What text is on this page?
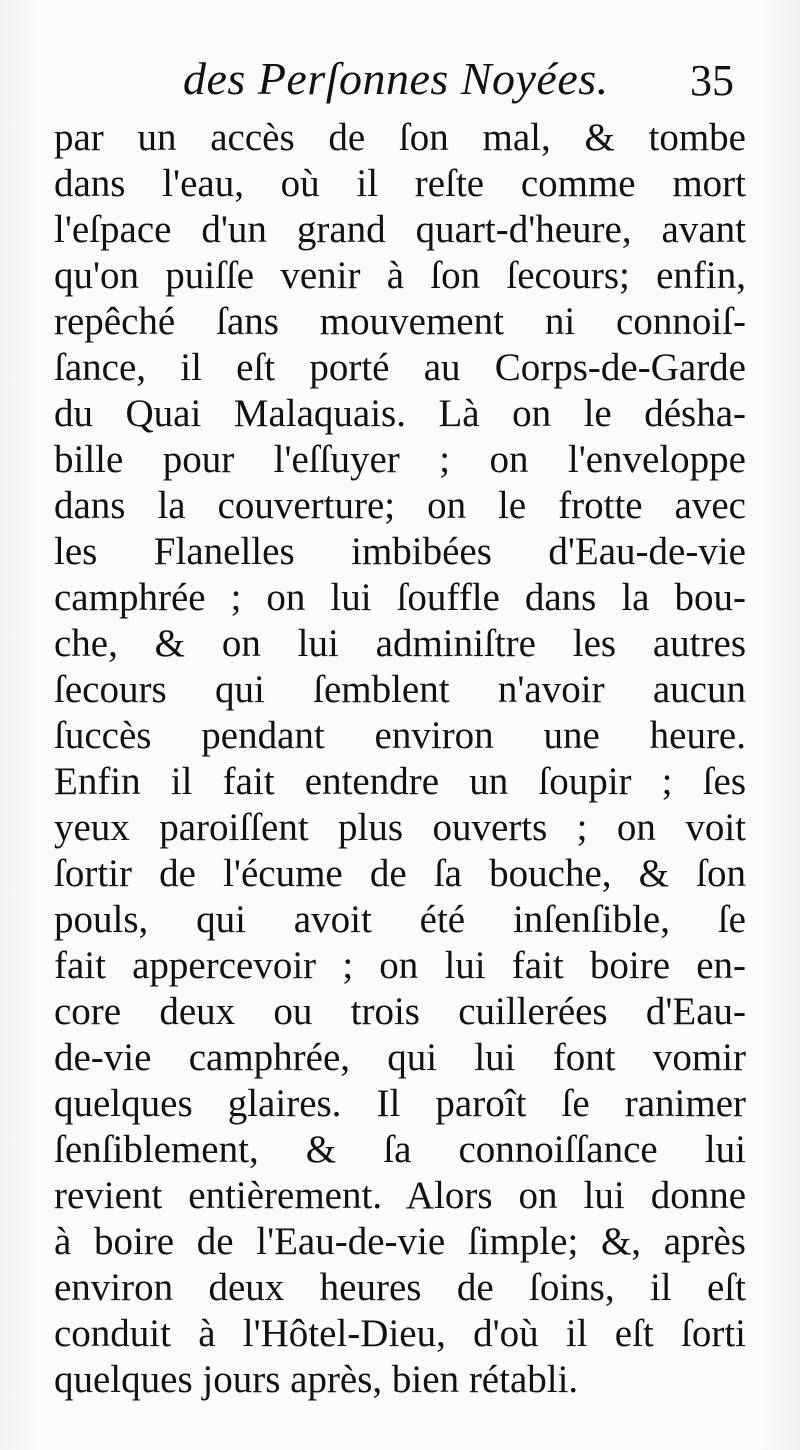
des Perſonnes Noyées. 35
par un accès de ſon mal, & tombe
dans l'eau, où il reſte comme mort
l'eſpace d'un grand quart-d'heure, avant
qu'on puiſſe venir à ſon ſecours; enfin,
repêché ſans mouvement ni connoiſ-
ſance, il eſt porté au Corps-de-Garde
du Quai Malaquais. Là on le désha-
bille pour l'eſſuyer ; on l'enveloppe
dans la couverture; on le frotte avec
les Flanelles imbibées d'Eau-de-vie
camphrée ; on lui ſouffle dans la bou-
che, & on lui adminiſtre les autres
ſecours qui ſemblent n'avoir aucun
ſuccès pendant environ une heure.
Enfin il fait entendre un ſoupir ; ſes
yeux paroiſſent plus ouverts ; on voit
ſortir de l'écume de ſa bouche, & ſon
pouls, qui avoit été inſenſible, ſe
fait appercevoir ; on lui fait boire en-
core deux ou trois cuillerées d'Eau-
de-vie camphrée, qui lui font vomir
quelques glaires. Il paroît ſe ranimer
ſenſiblement, & ſa connoiſſance lui
revient entièrement. Alors on lui donne
à boire de l'Eau-de-vie ſimple; &, après
environ deux heures de ſoins, il eſt
conduit à l'Hôtel-Dieu, d'où il eſt ſorti
quelques jours après, bien rétabli.
